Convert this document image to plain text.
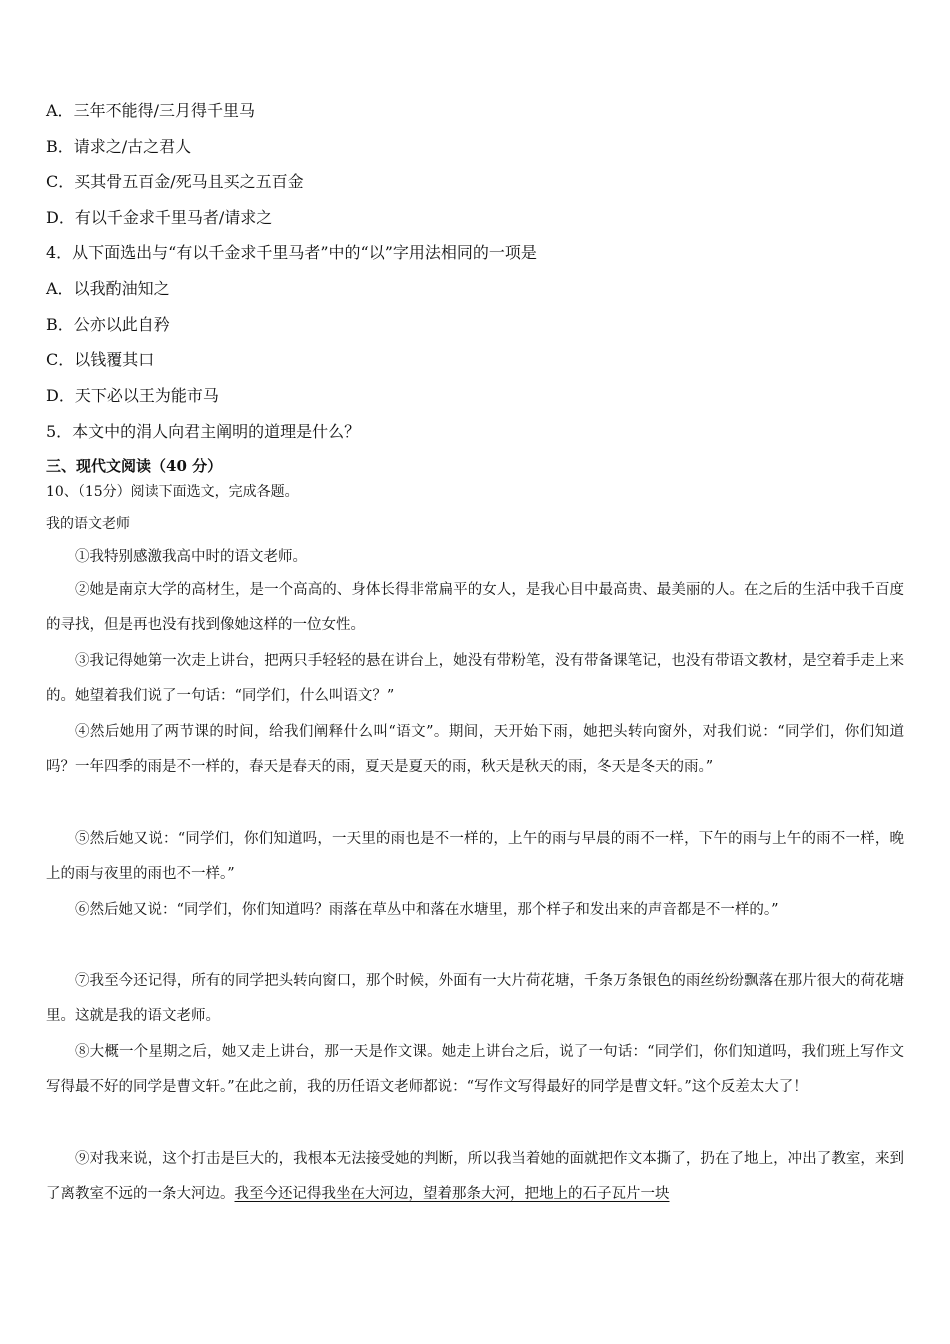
A．三年不能得/三月得千里马
B．请求之/古之君人
C．买其骨五百金/死马且买之五百金
D．有以千金求千里马者/请求之
4．从下面选出与“有以千金求千里马者”中的“以”字用法相同的一项是
A．以我酌油知之
B．公亦以此自矜
C．以钱覆其口
D．天下必以王为能市马
5．本文中的涓人向君主阐明的道理是什么？
三、现代文阅读（40 分）
10、（15分）阅读下面选文，完成各题。
我的语文老师

①我特别感激我高中时的语文老师。

②她是南京大学的高材生，是一个高高的、身体长得非常扁平的女人，是我心目中最高贵、最美丽的人。在之后的生活中我千百度的寻找，但是再也没有找到像她这样的一位女性。

③我记得她第一次走上讲台，把两只手轻轻的悬在讲台上，她没有带粉笔，没有带备课笔记，也没有带语文教材，是空着手走上来的。她望着我们说了一句话：“同学们，什么叫语文？”

④然后她用了两节课的时间，给我们阐释什么叫“语文”。期间，天开始下雨，她把头转向窗外，对我们说：“同学们，你们知道吗？一年四季的雨是不一样的，春天是春天的雨，夏天是夏天的雨，秋天是秋天的雨，冬天是冬天的雨。”

⑤然后她又说：“同学们，你们知道吗，一天里的雨也是不一样的，上午的雨与早晨的雨不一样，下午的雨与上午的雨不一样，晚上的雨与夜里的雨也不一样。”

⑥然后她又说：“同学们，你们知道吗？雨落在草丛中和落在水塘里，那个样子和发出来的声音都是不一样的。”

⑦我至今还记得，所有的同学把头转向窗口，那个时候，外面有一大片荷花塘，千条万条银色的雨丝纷纷飘落在那片很大的荷花塘里。这就是我的语文老师。

⑧大概一个星期之后，她又走上讲台，那一天是作文课。她走上讲台之后，说了一句话：“同学们，你们知道吗，我们班上写作文写得最不好的同学是曹文轩。”在此之前，我的历任语文老师都说：“写作文写得最好的同学是曹文轩。”这个反差太大了！

⑨对我来说，这个打击是巨大的，我根本无法接受她的判断，所以我当着她的面就把作文本撕了，扔在了地上，冲出了教室，来到了离教室不远的一条大河边。我至今还记得我坐在大河边，望着那条大河，把地上的石子瓦片一块
